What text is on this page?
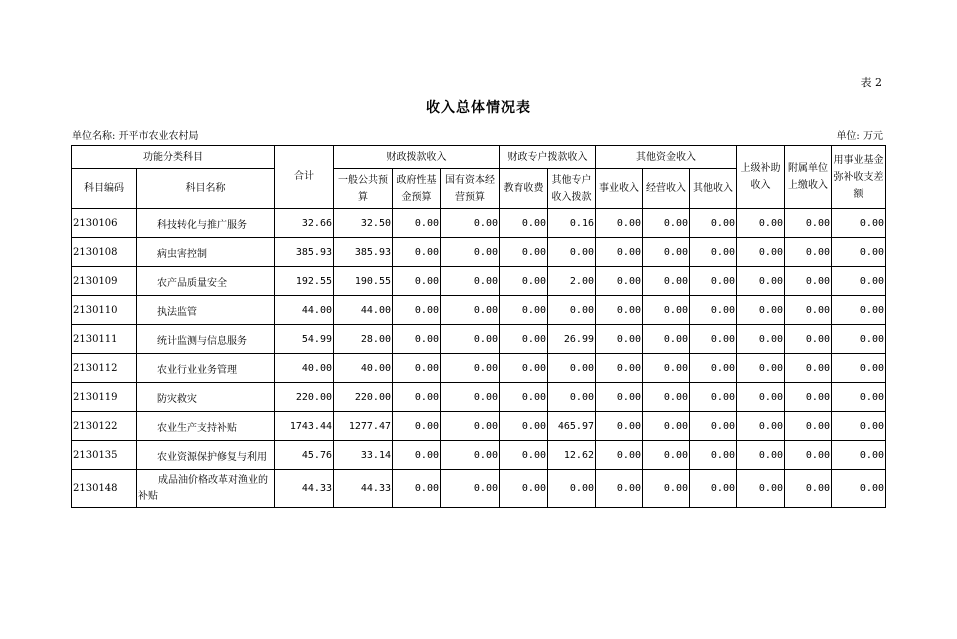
表 2
收入总体情况表
单位名称: 开平市农业农村局	单位: 万元
功能分类科目		合计	财政拨款收入			财政专户拨款收入		其他资金收入			上级补助收入	附属单位上缴收入	用事业基金弥补收支差额
科目编码	科目名称		一般公共预算	政府性基金预算	国有资本经营预算	教育收费	其他专户收入拨款	事业收入	经营收入	其他收入			
2130106	科技转化与推广服务	32.66	32.50	0.00	0.00	0.00	0.16	0.00	0.00	0.00	0.00	0.00	0.00
2130108	病虫害控制	385.93	385.93	0.00	0.00	0.00	0.00	0.00	0.00	0.00	0.00	0.00	0.00
2130109	农产品质量安全	192.55	190.55	0.00	0.00	0.00	2.00	0.00	0.00	0.00	0.00	0.00	0.00
2130110	执法监管	44.00	44.00	0.00	0.00	0.00	0.00	0.00	0.00	0.00	0.00	0.00	0.00
2130111	统计监测与信息服务	54.99	28.00	0.00	0.00	0.00	26.99	0.00	0.00	0.00	0.00	0.00	0.00
2130112	农业行业业务管理	40.00	40.00	0.00	0.00	0.00	0.00	0.00	0.00	0.00	0.00	0.00	0.00
2130119	防灾救灾	220.00	220.00	0.00	0.00	0.00	0.00	0.00	0.00	0.00	0.00	0.00	0.00
2130122	农业生产支持补贴	1743.44	1277.47	0.00	0.00	0.00	465.97	0.00	0.00	0.00	0.00	0.00	0.00
2130135	农业资源保护修复与利用	45.76	33.14	0.00	0.00	0.00	12.62	0.00	0.00	0.00	0.00	0.00	0.00
2130148	成品油价格改革对渔业的补贴	44.33	44.33	0.00	0.00	0.00	0.00	0.00	0.00	0.00	0.00	0.00	0.00
